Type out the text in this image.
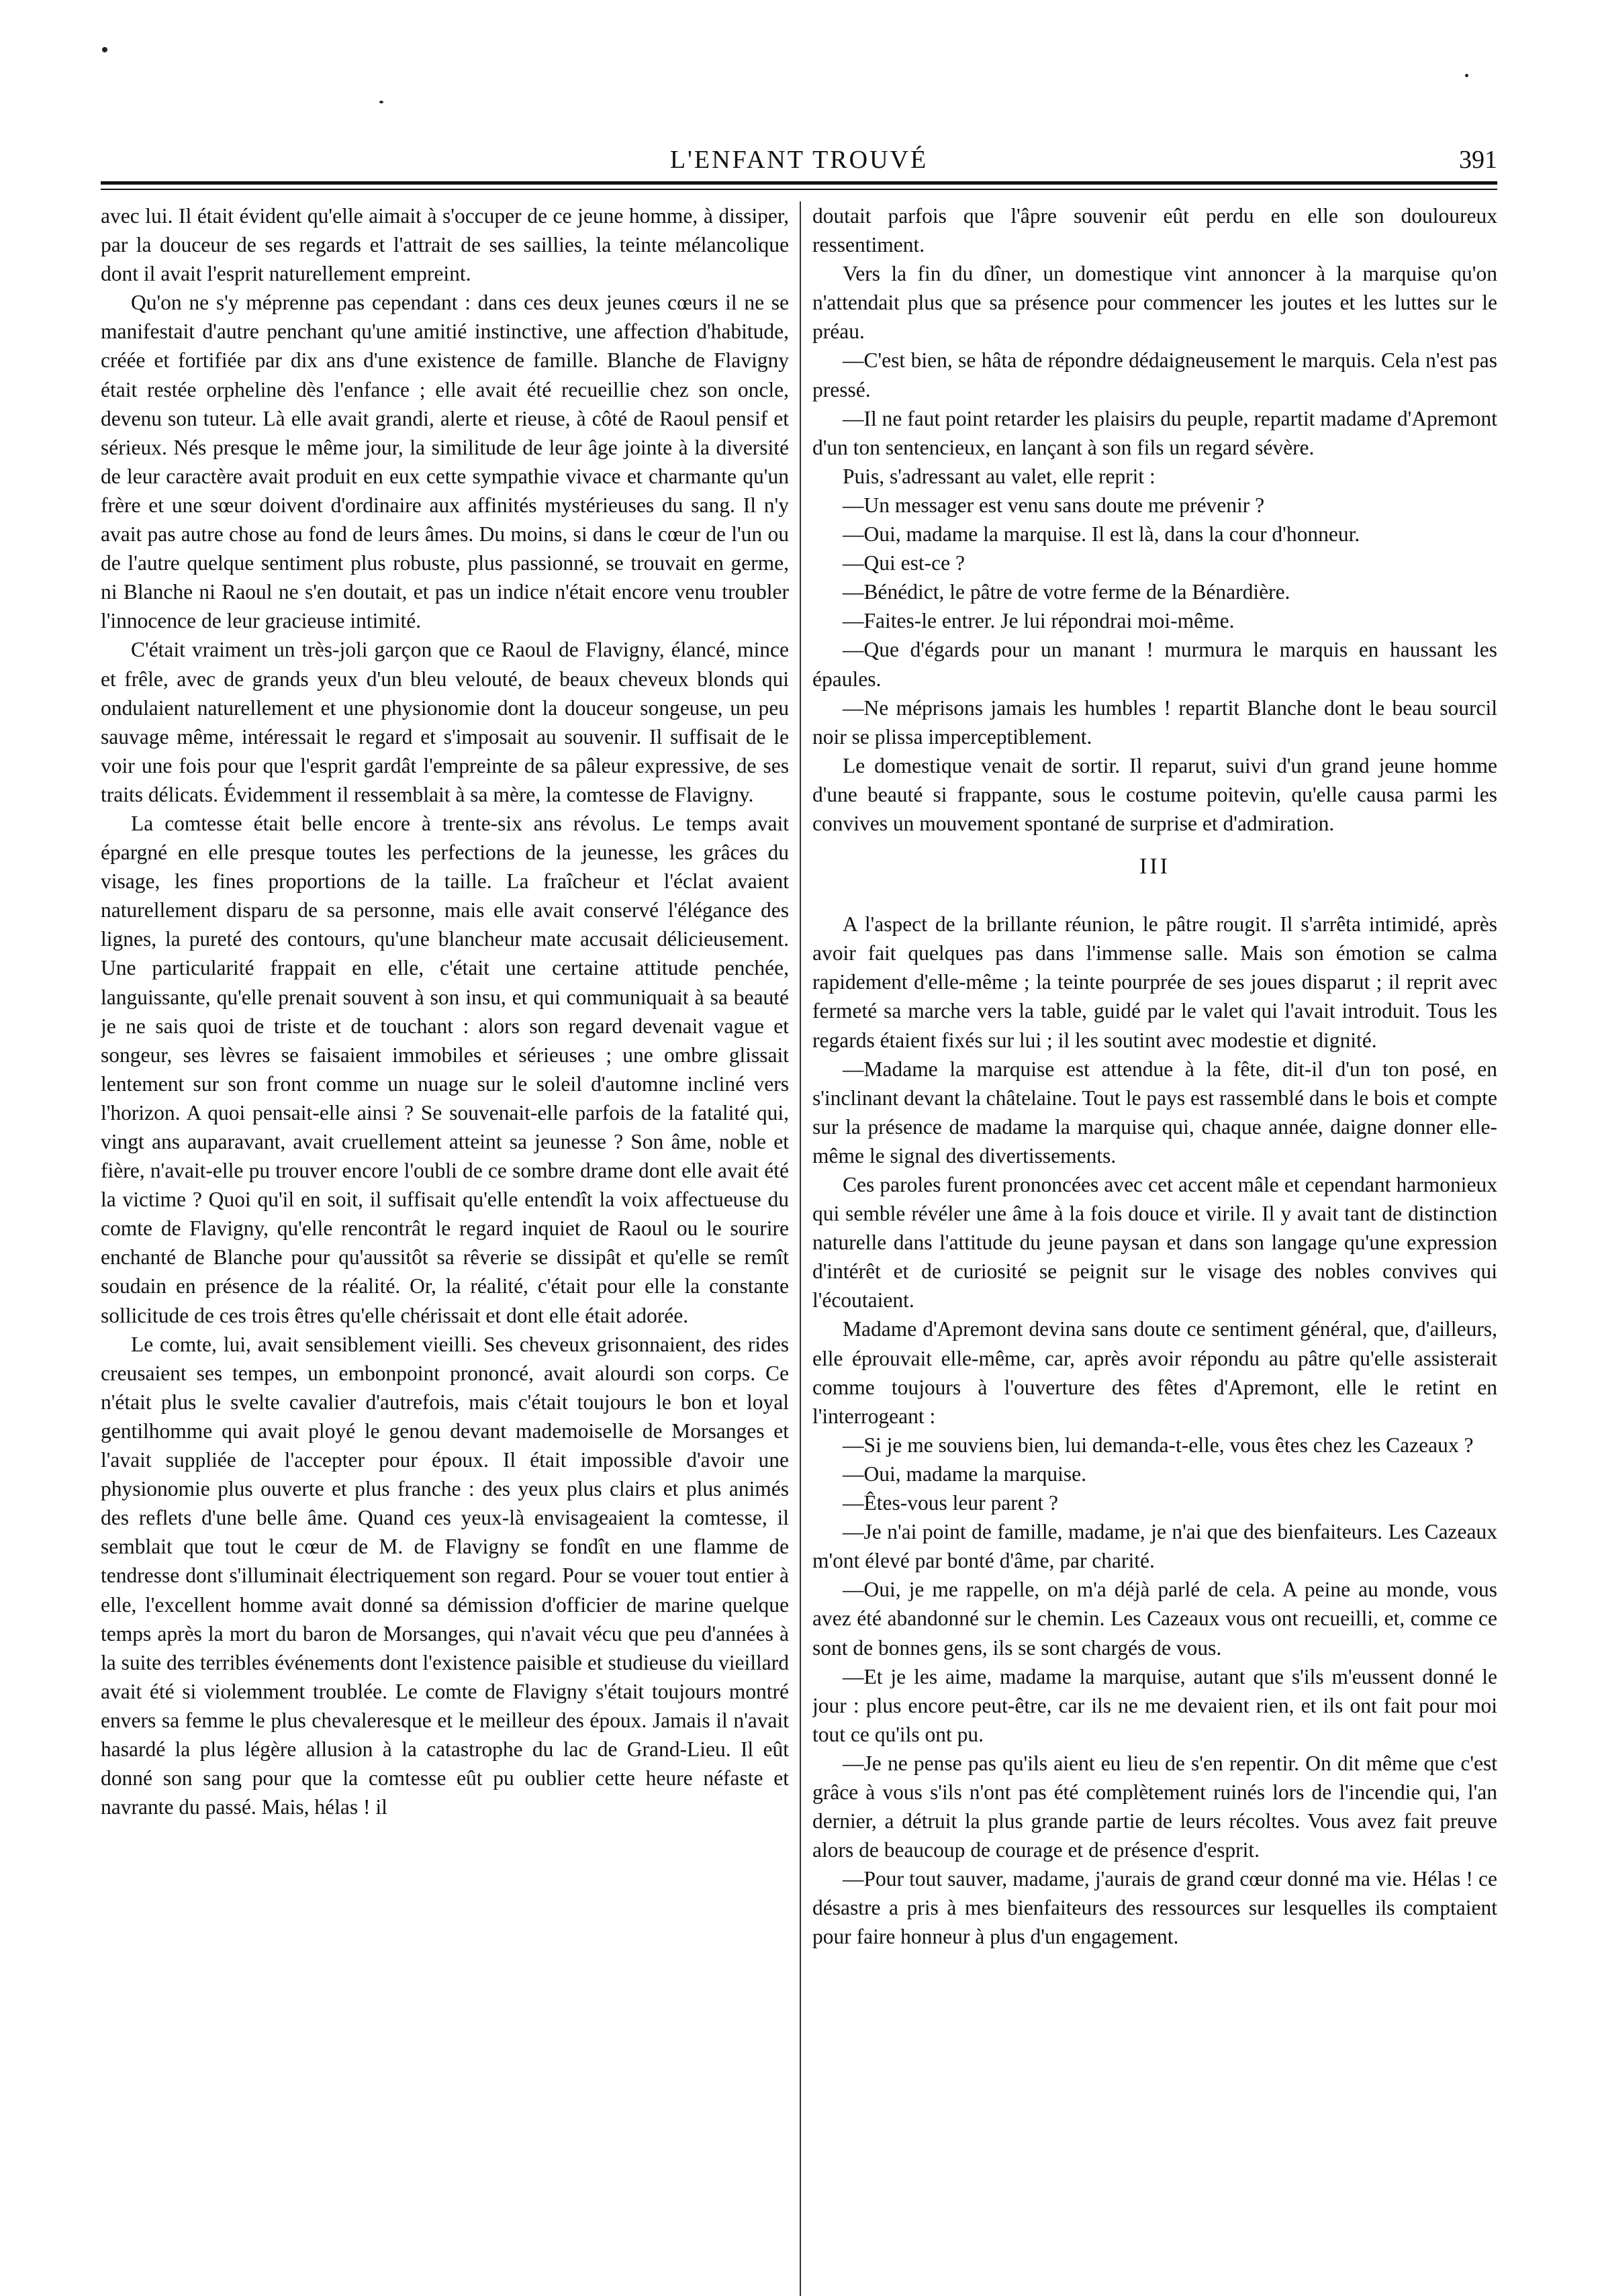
L'ENFANT TROUVÉ	391

avec lui. Il était évident qu'elle aimait à s'occuper de ce jeune homme, à dissiper, par la douceur de ses regards et l'attrait de ses saillies, la teinte mélancolique dont il avait l'esprit naturellement empreint.

Qu'on ne s'y méprenne pas cependant : dans ces deux jeunes cœurs il ne se manifestait d'autre penchant qu'une amitié instinctive, une affection d'habitude, créée et fortifiée par dix ans d'une existence de famille. Blanche de Flavigny était restée orpheline dès l'enfance ; elle avait été recueillie chez son oncle, devenu son tuteur. Là elle avait grandi, alerte et rieuse, à côté de Raoul pensif et sérieux. Nés presque le même jour, la similitude de leur âge jointe à la diversité de leur caractère avait produit en eux cette sympathie vivace et charmante qu'un frère et une sœur doivent d'ordinaire aux affinités mystérieuses du sang. Il n'y avait pas autre chose au fond de leurs âmes. Du moins, si dans le cœur de l'un ou de l'autre quelque sentiment plus robuste, plus passionné, se trouvait en germe, ni Blanche ni Raoul ne s'en doutait, et pas un indice n'était encore venu troubler l'innocence de leur gracieuse intimité.

C'était vraiment un très-joli garçon que ce Raoul de Flavigny, élancé, mince et frêle, avec de grands yeux d'un bleu velouté, de beaux cheveux blonds qui ondulaient naturellement et une physionomie dont la douceur songeuse, un peu sauvage même, intéressait le regard et s'imposait au souvenir. Il suffisait de le voir une fois pour que l'esprit gardât l'empreinte de sa pâleur expressive, de ses traits délicats. Évidemment il ressemblait à sa mère, la comtesse de Flavigny.

La comtesse était belle encore à trente-six ans révolus. Le temps avait épargné en elle presque toutes les perfections de la jeunesse, les grâces du visage, les fines proportions de la taille. La fraîcheur et l'éclat avaient naturellement disparu de sa personne, mais elle avait conservé l'élégance des lignes, la pureté des contours, qu'une blancheur mate accusait délicieusement. Une particularité frappait en elle, c'était une certaine attitude penchée, languissante, qu'elle prenait souvent à son insu, et qui communiquait à sa beauté je ne sais quoi de triste et de touchant : alors son regard devenait vague et songeur, ses lèvres se faisaient immobiles et sérieuses ; une ombre glissait lentement sur son front comme un nuage sur le soleil d'automne incliné vers l'horizon. A quoi pensait-elle ainsi ? Se souvenait-elle parfois de la fatalité qui, vingt ans auparavant, avait cruellement atteint sa jeunesse ? Son âme, noble et fière, n'avait-elle pu trouver encore l'oubli de ce sombre drame dont elle avait été la victime ? Quoi qu'il en soit, il suffisait qu'elle entendît la voix affectueuse du comte de Flavigny, qu'elle rencontrât le regard inquiet de Raoul ou le sourire enchanté de Blanche pour qu'aussitôt sa rêverie se dissipât et qu'elle se remît soudain en présence de la réalité. Or, la réalité, c'était pour elle la constante sollicitude de ces trois êtres qu'elle chérissait et dont elle était adorée.

Le comte, lui, avait sensiblement vieilli. Ses cheveux grisonnaient, des rides creusaient ses tempes, un embonpoint prononcé, avait alourdi son corps. Ce n'était plus le svelte cavalier d'autrefois, mais c'était toujours le bon et loyal gentilhomme qui avait ployé le genou devant mademoiselle de Morsanges et l'avait suppliée de l'accepter pour époux. Il était impossible d'avoir une physionomie plus ouverte et plus franche : des yeux plus clairs et plus animés des reflets d'une belle âme. Quand ces yeux-là envisageaient la comtesse, il semblait que tout le cœur de M. de Flavigny se fondît en une flamme de tendresse dont s'illuminait électriquement son regard. Pour se vouer tout entier à elle, l'excellent homme avait donné sa démission d'officier de marine quelque temps après la mort du baron de Morsanges, qui n'avait vécu que peu d'années à la suite des terribles événements dont l'existence paisible et studieuse du vieillard avait été si violemment troublée. Le comte de Flavigny s'était toujours montré envers sa femme le plus chevaleresque et le meilleur des époux. Jamais il n'avait hasardé la plus légère allusion à la catastrophe du lac de Grand-Lieu. Il eût donné son sang pour que la comtesse eût pu oublier cette heure néfaste et navrante du passé. Mais, hélas ! il

doutait parfois que l'âpre souvenir eût perdu en elle son douloureux ressentiment.

Vers la fin du dîner, un domestique vint annoncer à la marquise qu'on n'attendait plus que sa présence pour commencer les joutes et les luttes sur le préau.

—C'est bien, se hâta de répondre dédaigneusement le marquis. Cela n'est pas pressé.

—Il ne faut point retarder les plaisirs du peuple, repartit madame d'Apremont d'un ton sentencieux, en lançant à son fils un regard sévère.

Puis, s'adressant au valet, elle reprit :

—Un messager est venu sans doute me prévenir ?

—Oui, madame la marquise. Il est là, dans la cour d'honneur.

—Qui est-ce ?

—Bénédict, le pâtre de votre ferme de la Bénardière.

—Faites-le entrer. Je lui répondrai moi-même.

—Que d'égards pour un manant ! murmura le marquis en haussant les épaules.

—Ne méprisons jamais les humbles ! repartit Blanche dont le beau sourcil noir se plissa imperceptiblement.

Le domestique venait de sortir. Il reparut, suivi d'un grand jeune homme d'une beauté si frappante, sous le costume poitevin, qu'elle causa parmi les convives un mouvement spontané de surprise et d'admiration.

III

A l'aspect de la brillante réunion, le pâtre rougit. Il s'arrêta intimidé, après avoir fait quelques pas dans l'immense salle. Mais son émotion se calma rapidement d'elle-même ; la teinte pourprée de ses joues disparut ; il reprit avec fermeté sa marche vers la table, guidé par le valet qui l'avait introduit. Tous les regards étaient fixés sur lui ; il les soutint avec modestie et dignité.

—Madame la marquise est attendue à la fête, dit-il d'un ton posé, en s'inclinant devant la châtelaine. Tout le pays est rassemblé dans le bois et compte sur la présence de madame la marquise qui, chaque année, daigne donner elle-même le signal des divertissements.

Ces paroles furent prononcées avec cet accent mâle et cependant harmonieux qui semble révéler une âme à la fois douce et virile. Il y avait tant de distinction naturelle dans l'attitude du jeune paysan et dans son langage qu'une expression d'intérêt et de curiosité se peignit sur le visage des nobles convives qui l'écoutaient.

Madame d'Apremont devina sans doute ce sentiment général, que, d'ailleurs, elle éprouvait elle-même, car, après avoir répondu au pâtre qu'elle assisterait comme toujours à l'ouverture des fêtes d'Apremont, elle le retint en l'interrogeant :

—Si je me souviens bien, lui demanda-t-elle, vous êtes chez les Cazeaux ?

—Oui, madame la marquise.

—Êtes-vous leur parent ?

—Je n'ai point de famille, madame, je n'ai que des bienfaiteurs. Les Cazeaux m'ont élevé par bonté d'âme, par charité.

—Oui, je me rappelle, on m'a déjà parlé de cela. A peine au monde, vous avez été abandonné sur le chemin. Les Cazeaux vous ont recueilli, et, comme ce sont de bonnes gens, ils se sont chargés de vous.

—Et je les aime, madame la marquise, autant que s'ils m'eussent donné le jour : plus encore peut-être, car ils ne me devaient rien, et ils ont fait pour moi tout ce qu'ils ont pu.

—Je ne pense pas qu'ils aient eu lieu de s'en repentir. On dit même que c'est grâce à vous s'ils n'ont pas été complètement ruinés lors de l'incendie qui, l'an dernier, a détruit la plus grande partie de leurs récoltes. Vous avez fait preuve alors de beaucoup de courage et de présence d'esprit.

—Pour tout sauver, madame, j'aurais de grand cœur donné ma vie. Hélas ! ce désastre a pris à mes bienfaiteurs des ressources sur lesquelles ils comptaient pour faire honneur à plus d'un engagement.
